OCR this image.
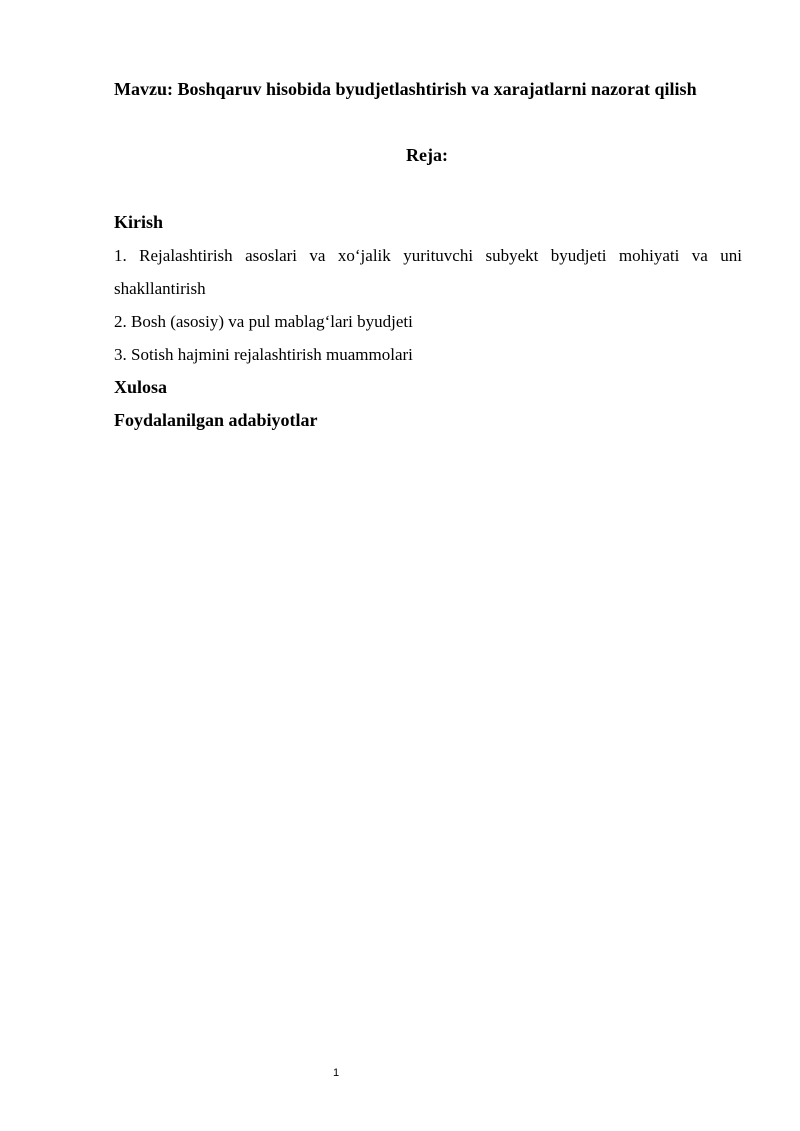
Mavzu: Boshqaruv hisobida byudjetlashtirish va xarajatlarni nazorat qilish
Reja:
Kirish
1. Rejalashtirish asoslari va xo‘jalik yurituvchi subyekt byudjeti mohiyati va uni
shakllantirish
2. Bosh (asosiy) va pul mablag‘lari byudjeti
3. Sotish hajmini rejalashtirish muammolari
Xulosa
Foydalanilgan adabiyotlar
1
